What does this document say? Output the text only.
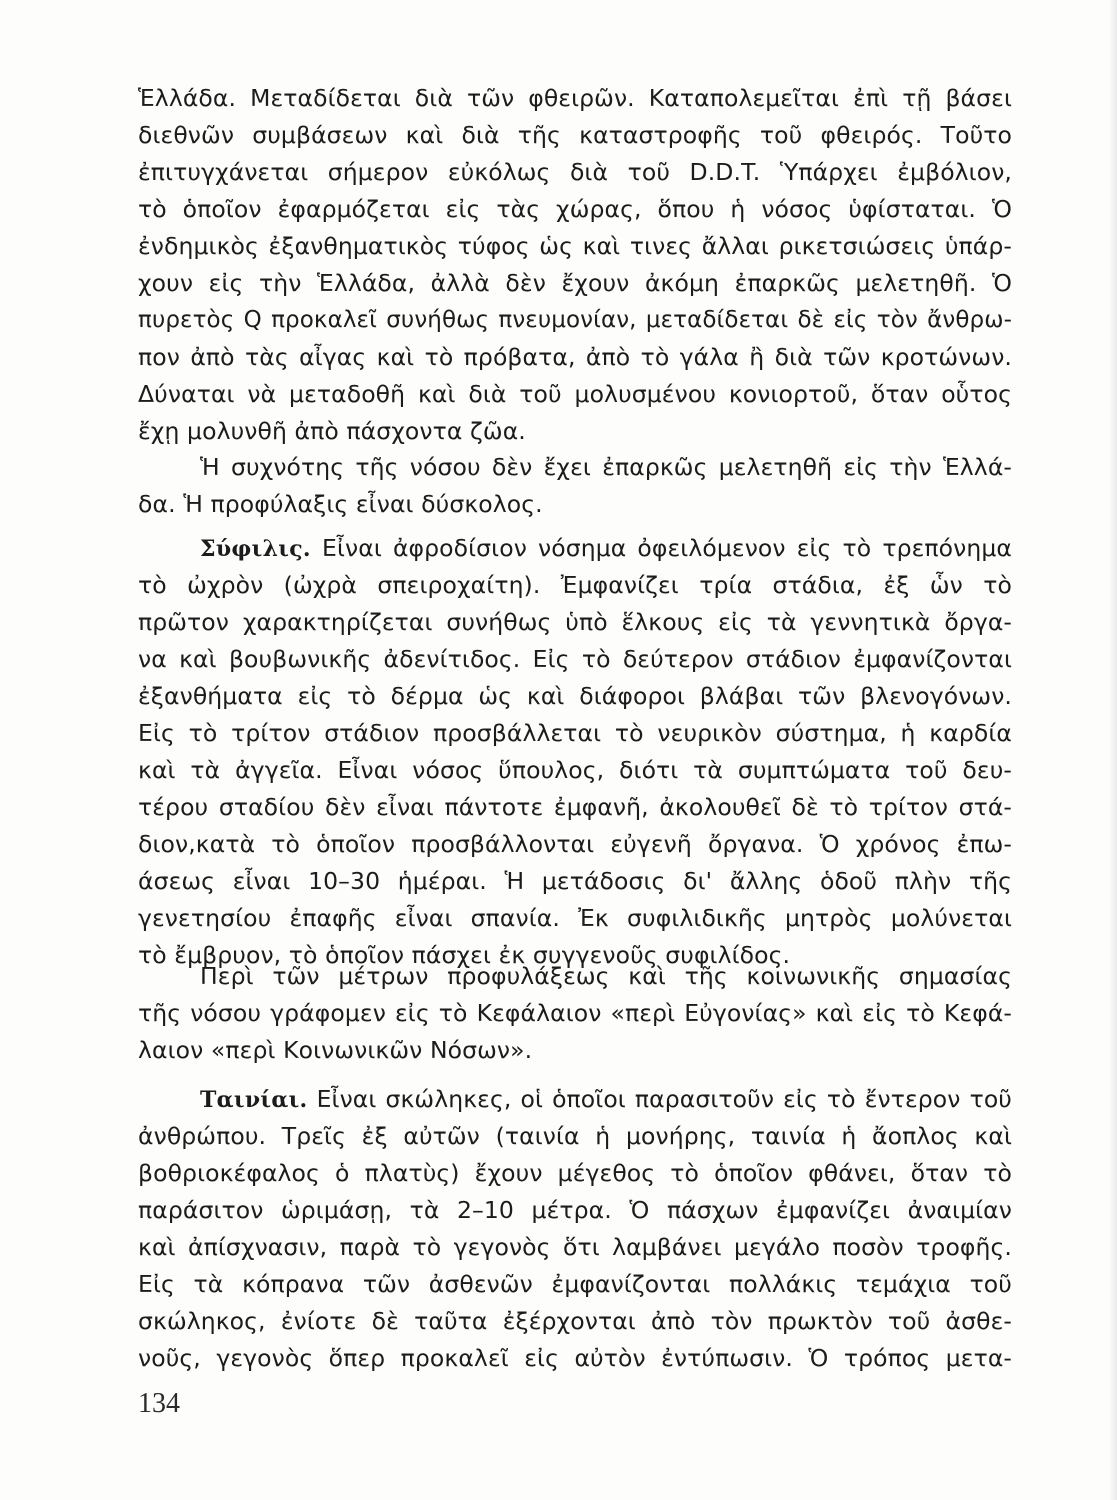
Ἑλλάδα. Μεταδίδεται διὰ τῶν φθειρῶν. Καταπολεμεῖται ἐπὶ τῇ βάσει
διεθνῶν συμβάσεων καὶ διὰ τῆς καταστροφῆς τοῦ φθειρός. Τοῦτο
ἐπιτυγχάνεται σήμερον εὐκόλως διὰ τοῦ D.D.T. Ὑπάρχει ἐμβόλιον,
τὸ ὁποῖον ἐφαρμόζεται εἰς τὰς χώρας, ὅπου ἡ νόσος ὑφίσταται. Ὁ
ἐνδημικὸς ἐξανθηματικὸς τύφος ὡς καὶ τινες ἄλλαι ρικετσιώσεις ὑπάρ-
χουν εἰς τὴν Ἑλλάδα, ἀλλὰ δὲν ἔχουν ἀκόμη ἐπαρκῶς μελετηθῆ. Ὁ
πυρετὸς Q προκαλεῖ συνήθως πνευμονίαν, μεταδίδεται δὲ εἰς τὸν ἄνθρω-
πον ἀπὸ τὰς αἶγας καὶ τὸ πρόβατα, ἀπὸ τὸ γάλα ἢ διὰ τῶν κροτώνων.
Δύναται νὰ μεταδοθῆ καὶ διὰ τοῦ μολυσμένου κονιορτοῦ, ὅταν οὗτος
ἔχῃ μολυνθῆ ἀπὸ πάσχοντα ζῶα.
Ἡ συχνότης τῆς νόσου δὲν ἔχει ἐπαρκῶς μελετηθῆ εἰς τὴν Ἑλλά-
δα. Ἡ προφύλαξις εἶναι δύσκολος.
Σύφιλις. Εἶναι ἀφροδίσιον νόσημα ὀφειλόμενον εἰς τὸ τρεπόνημα
τὸ ὠχρὸν (ὠχρὰ σπειροχαίτη). Ἐμφανίζει τρία στάδια, ἐξ ὧν τὸ
πρῶτον χαρακτηρίζεται συνήθως ὑπὸ ἕλκους εἰς τὰ γεννητικὰ ὄργα-
να καὶ βουβωνικῆς ἀδενίτιδος. Εἰς τὸ δεύτερον στάδιον ἐμφανίζονται
ἐξανθήματα εἰς τὸ δέρμα ὡς καὶ διάφοροι βλάβαι τῶν βλενογόνων.
Εἰς τὸ τρίτον στάδιον προσβάλλεται τὸ νευρικὸν σύστημα, ἡ καρδία
καὶ τὰ ἀγγεῖα. Εἶναι νόσος ὕπουλος, διότι τὰ συμπτώματα τοῦ δευ-
τέρου σταδίου δὲν εἶναι πάντοτε ἐμφανῆ, ἀκολουθεῖ δὲ τὸ τρίτον στά-
διον,κατὰ τὸ ὁποῖον προσβάλλονται εὐγενῆ ὄργανα. Ὁ χρόνος ἐπω-
άσεως εἶναι 10–30 ἡμέραι. Ἡ μετάδοσις δι' ἄλλης ὁδοῦ πλὴν τῆς
γενετησίου ἐπαφῆς εἶναι σπανία. Ἐκ συφιλιδικῆς μητρὸς μολύνεται
τὸ ἔμβρυον, τὸ ὁποῖον πάσχει ἐκ συγγενοῦς συφιλίδος.
Περὶ τῶν μέτρων προφυλάξεως καὶ τῆς κοινωνικῆς σημασίας
τῆς νόσου γράφομεν εἰς τὸ Κεφάλαιον «περὶ Εὐγονίας» καὶ εἰς τὸ Κεφά-
λαιον «περὶ Κοινωνικῶν Νόσων».
Ταινίαι. Εἶναι σκώληκες, οἱ ὁποῖοι παρασιτοῦν εἰς τὸ ἔντερον τοῦ
ἀνθρώπου. Τρεῖς ἐξ αὐτῶν (ταινία ἡ μονήρης, ταινία ἡ ἄοπλος καὶ
βοθριοκέφαλος ὁ πλατὺς) ἔχουν μέγεθος τὸ ὁποῖον φθάνει, ὅταν τὸ
παράσιτον ὡριμάσῃ, τὰ 2–10 μέτρα. Ὁ πάσχων ἐμφανίζει ἀναιμίαν
καὶ ἀπίσχνασιν, παρὰ τὸ γεγονὸς ὅτι λαμβάνει μεγάλο ποσὸν τροφῆς.
Εἰς τὰ κόπρανα τῶν ἀσθενῶν ἐμφανίζονται πολλάκις τεμάχια τοῦ
σκώληκος, ἐνίοτε δὲ ταῦτα ἐξέρχονται ἀπὸ τὸν πρωκτὸν τοῦ ἀσθε-
νοῦς, γεγονὸς ὅπερ προκαλεῖ εἰς αὐτὸν ἐντύπωσιν. Ὁ τρόπος μετα-
134
